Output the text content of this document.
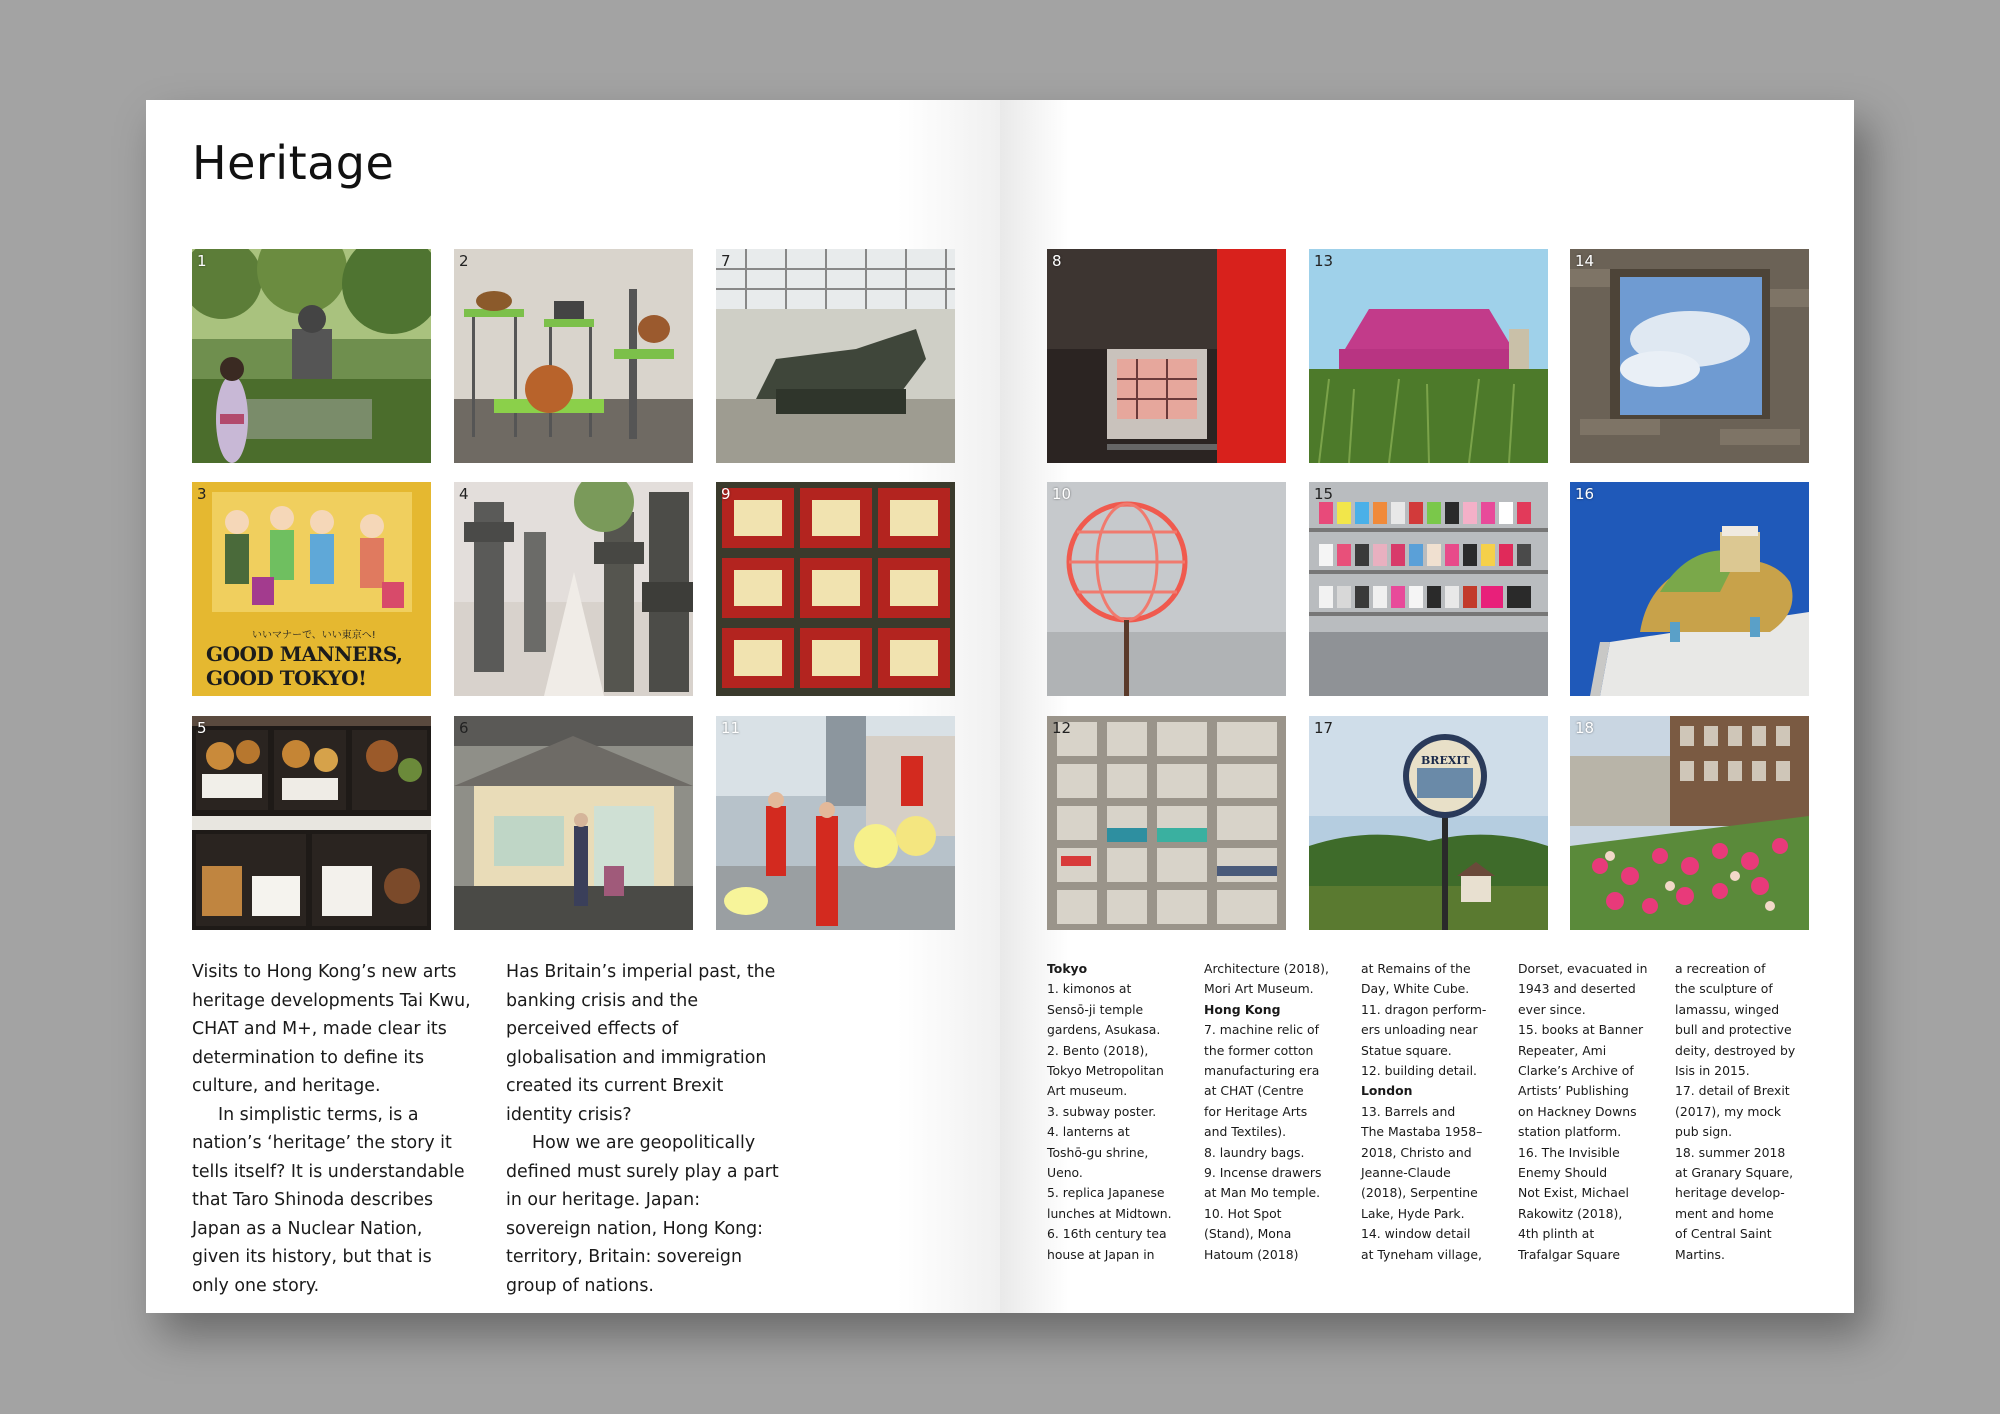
Heritage
1	2	7
いいマナーで、いい東京へ!
GOOD MANNERS,
GOOD TOKYO!
3	4	9
5	6	11

Visits to Hong Kong’s new arts heritage developments Tai Kwu, CHAT and M+, made clear its determination to define its culture, and heritage.

In simplistic terms, is a nation’s ‘heritage’ the story it tells itself? It is understandable that Taro Shinoda describes Japan as a Nuclear Nation, given its history, but that is only one story.

Has Britain’s imperial past, the banking crisis and the perceived effects of globalisation and immigration created its current Brexit identity crisis?

How we are geopolitically defined must surely play a part in our heritage. Japan: sovereign nation, Hong Kong: territory, Britain: sovereign group of nations.

8	13	14
10	15	16
12
BREXIT
17	18
Tokyo
1. kimonos at
Sensō-ji temple
gardens, Asukasa.
2. Bento (2018),
Tokyo Metropolitan
Art museum.
3. subway poster.
4. lanterns at
Toshō-gu shrine,
Ueno.
5. replica Japanese
lunches at Midtown.
6. 16th century tea
house at Japan in
Architecture (2018),
Mori Art Museum.
Hong Kong
7. machine relic of
the former cotton
manufacturing era
at CHAT (Centre
for Heritage Arts
and Textiles).
8. laundry bags.
9. Incense drawers
at Man Mo temple.
10. Hot Spot
(Stand), Mona
Hatoum (2018)
at Remains of the
Day, White Cube.
11. dragon perform-
ers unloading near
Statue square.
12. building detail.
London
13. Barrels and
The Mastaba 1958–
2018, Christo and
Jeanne-Claude
(2018), Serpentine
Lake, Hyde Park.
14. window detail
at Tyneham village,
Dorset, evacuated in
1943 and deserted
ever since.
15. books at Banner
Repeater, Ami
Clarke’s Archive of
Artists’ Publishing
on Hackney Downs
station platform.
16. The Invisible
Enemy Should
Not Exist, Michael
Rakowitz (2018),
4th plinth at
Trafalgar Square
a recreation of
the sculpture of
lamassu, winged
bull and protective
deity, destroyed by
Isis in 2015.
17. detail of Brexit
(2017), my mock
pub sign.
18. summer 2018
at Granary Square,
heritage develop-
ment and home
of Central Saint
Martins.
